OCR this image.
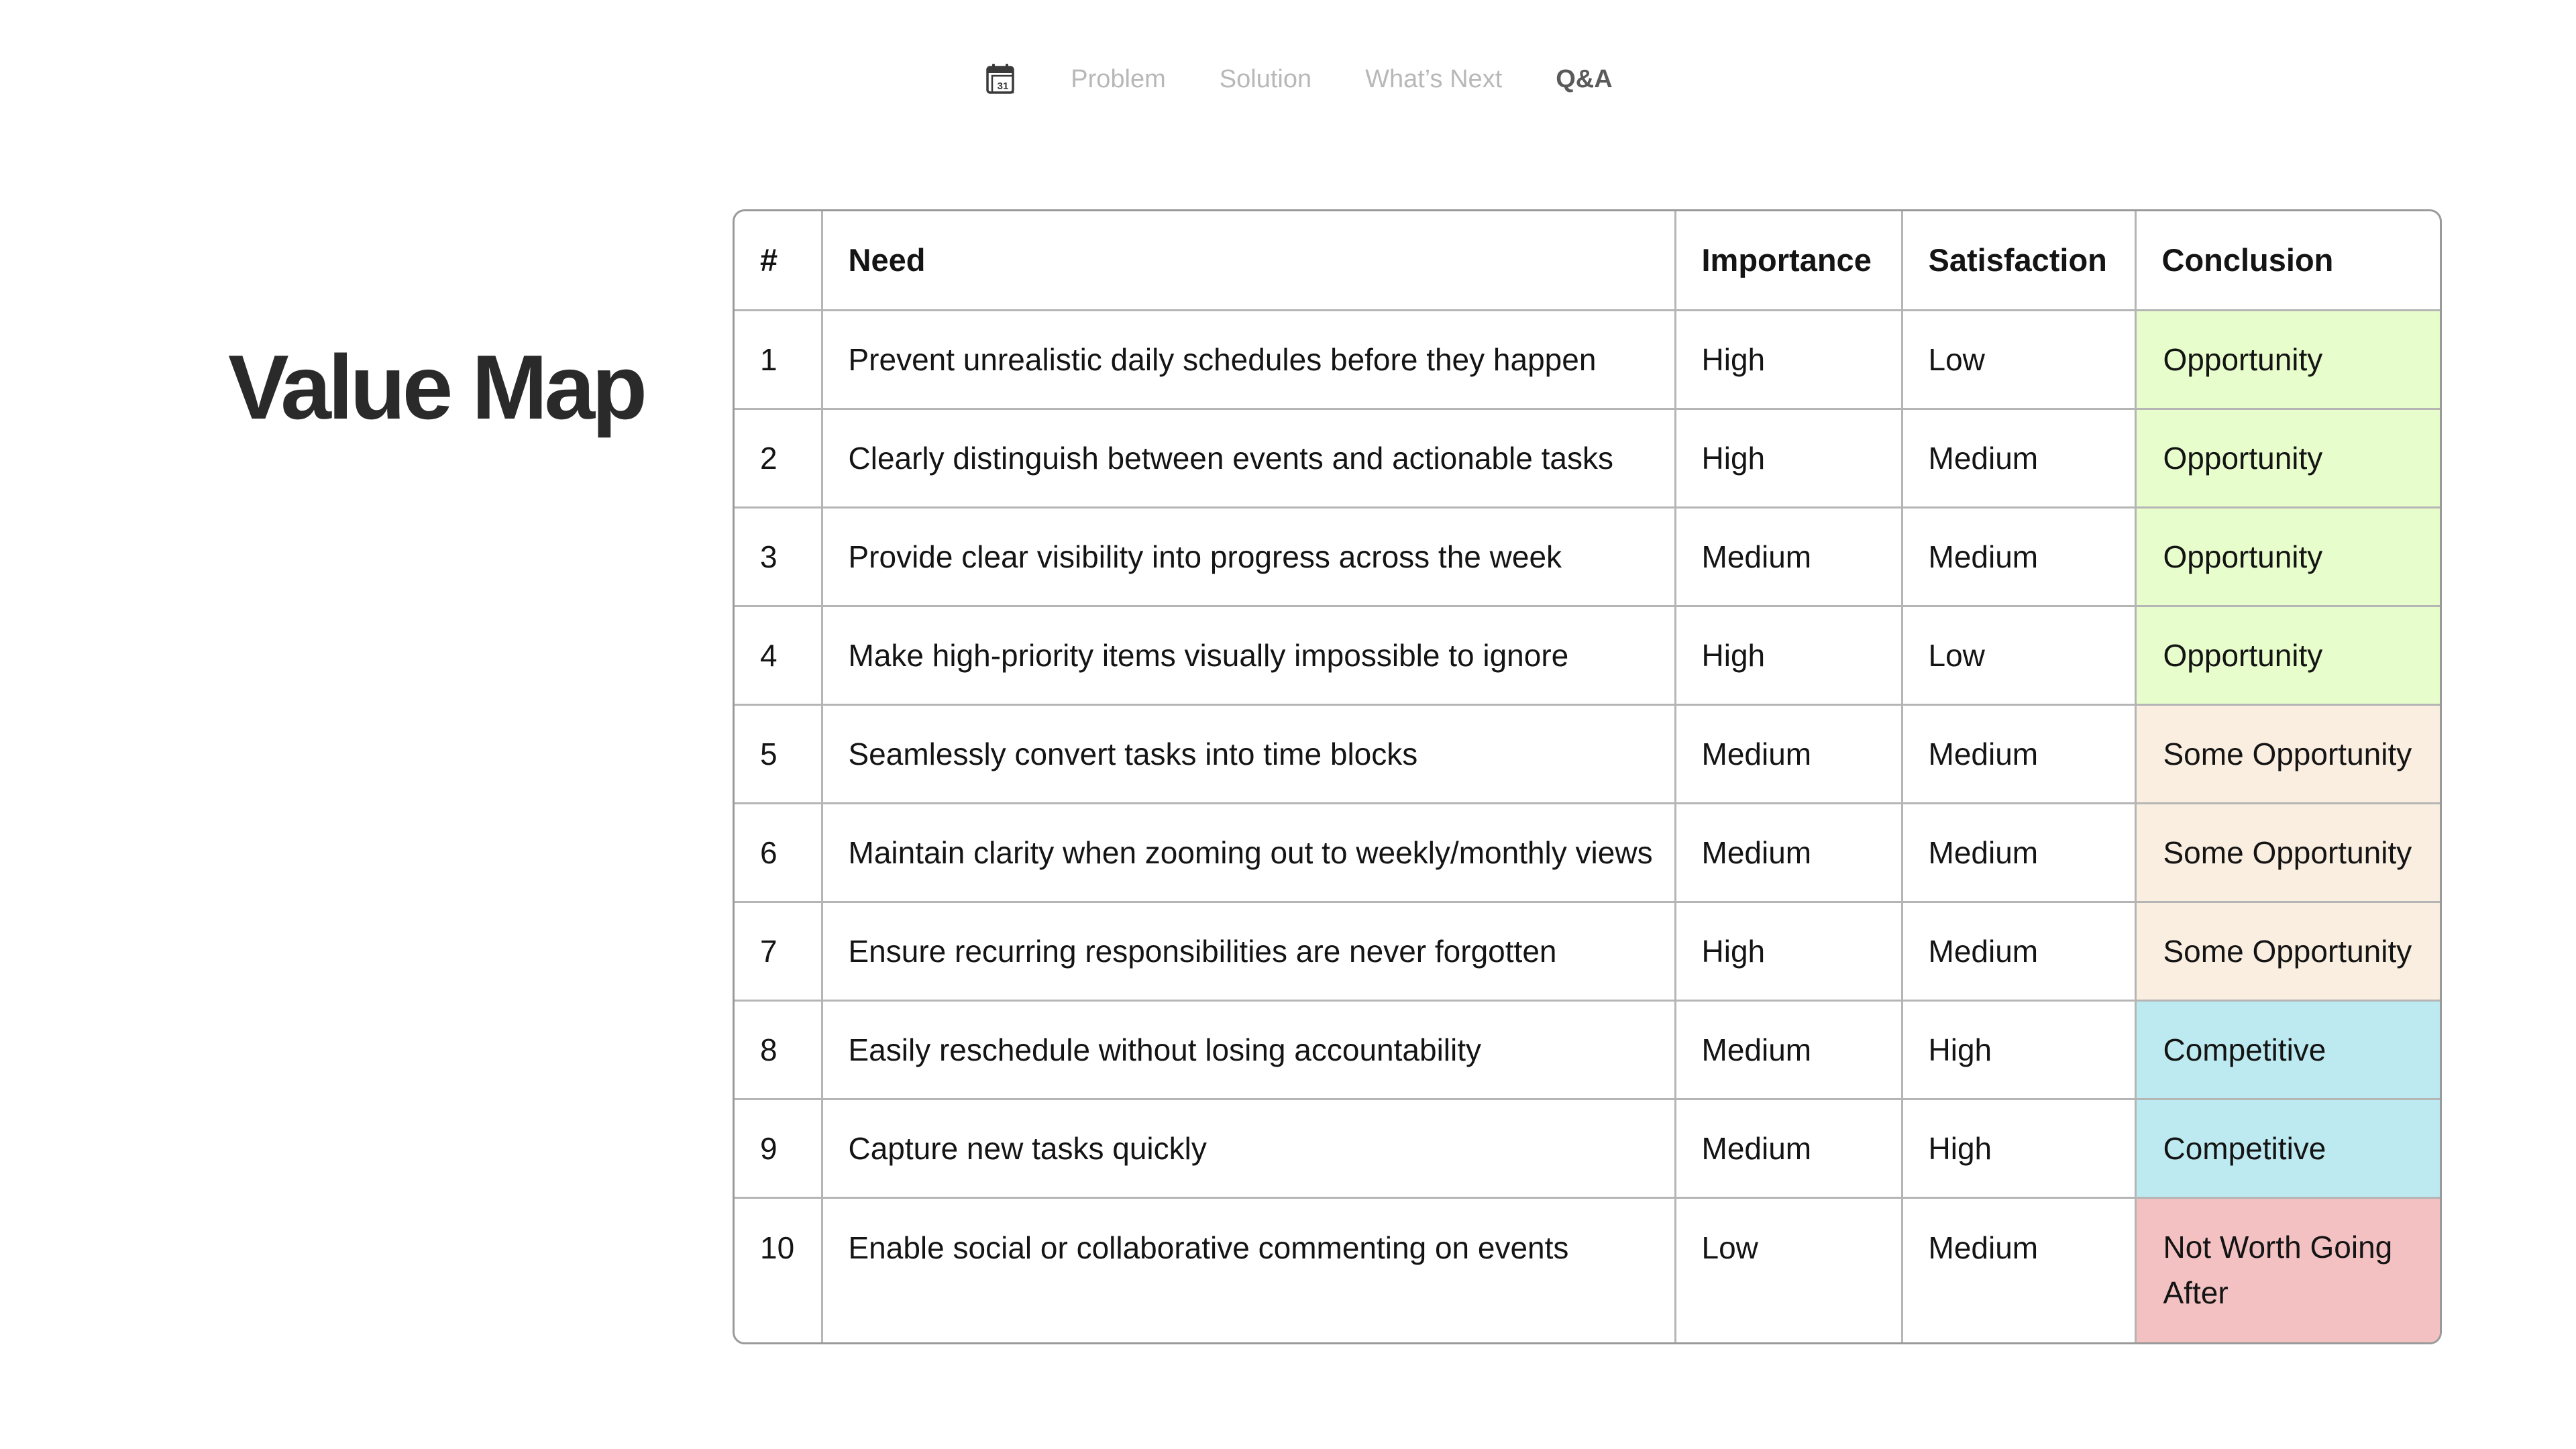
31 Problem Solution What’s Next Q&A
Value Map
#	Need	Importance	Satisfaction	Conclusion
1	Prevent unrealistic daily schedules before they happen	High	Low	Opportunity
2	Clearly distinguish between events and actionable tasks	High	Medium	Opportunity
3	Provide clear visibility into progress across the week	Medium	Medium	Opportunity
4	Make high-priority items visually impossible to ignore	High	Low	Opportunity
5	Seamlessly convert tasks into time blocks	Medium	Medium	Some Opportunity
6	Maintain clarity when zooming out to weekly/monthly views	Medium	Medium	Some Opportunity
7	Ensure recurring responsibilities are never forgotten	High	Medium	Some Opportunity
8	Easily reschedule without losing accountability	Medium	High	Competitive
9	Capture new tasks quickly	Medium	High	Competitive
10	Enable social or collaborative commenting on events	Low	Medium	Not Worth Going After
